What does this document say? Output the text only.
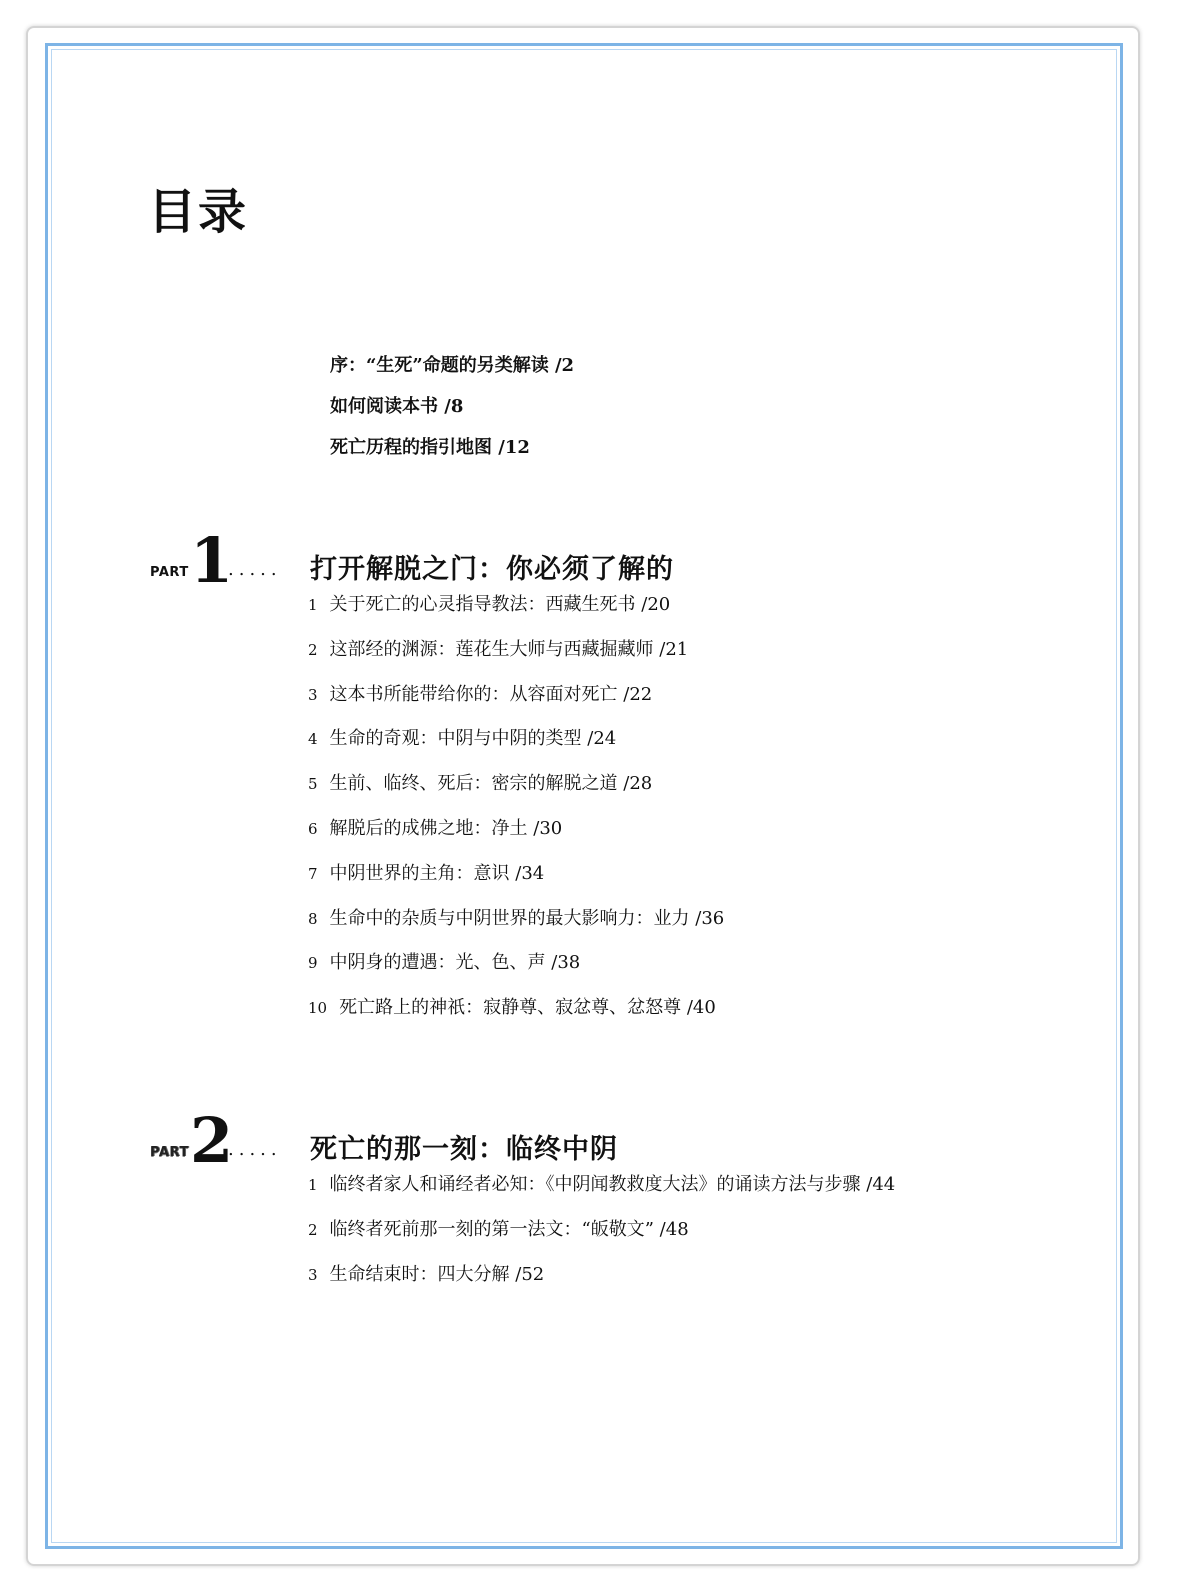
目录
序：“生死”命题的另类解读 /2
如何阅读本书 /8
死亡历程的指引地图 /12
PART 1
..... 打开解脱之门：你必须了解的
1 关于死亡的心灵指导教法：西藏生死书 /20
2 这部经的渊源：莲花生大师与西藏掘藏师 /21
3 这本书所能带给你的：从容面对死亡 /22
4 生命的奇观：中阴与中阴的类型 /24
5 生前、临终、死后：密宗的解脱之道 /28
6 解脱后的成佛之地：净土 /30
7 中阴世界的主角：意识 /34
8 生命中的杂质与中阴世界的最大影响力：业力 /36
9 中阴身的遭遇：光、色、声 /38
10 死亡路上的神祇：寂静尊、寂忿尊、忿怒尊 /40
PART 2
..... 死亡的那一刻：临终中阴
1 临终者家人和诵经者必知：《中阴闻教救度大法》的诵读方法与步骤 /44
2 临终者死前那一刻的第一法文：“皈敬文” /48
3 生命结束时：四大分解 /52
